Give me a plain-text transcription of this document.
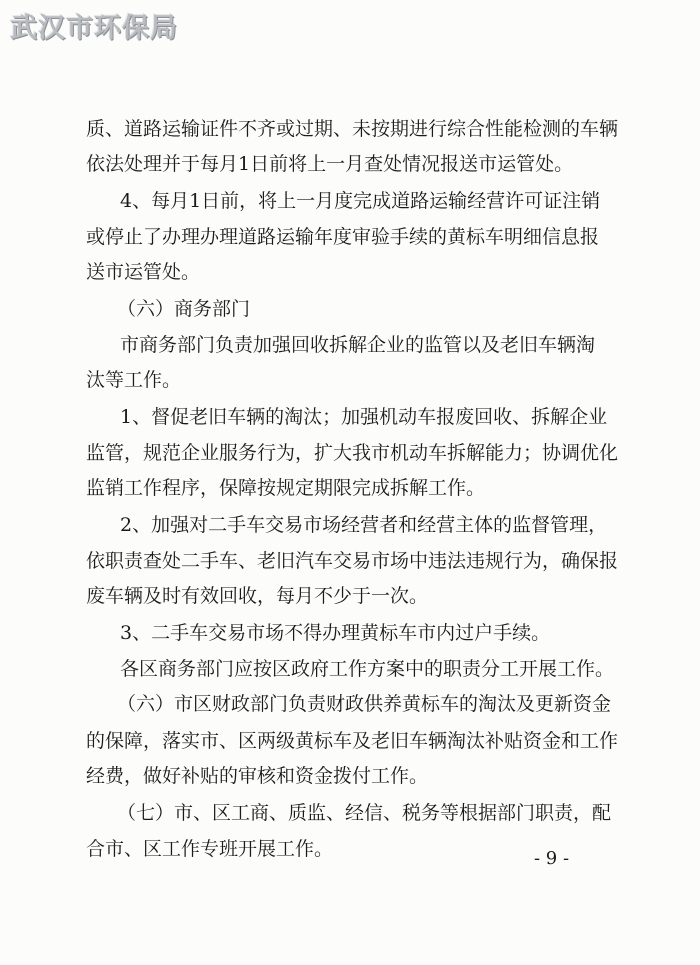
武汉市环保局
质、道路运输证件不齐或过期、未按期进行综合性能检测的车辆
依法处理并于每月1日前将上一月查处情况报送市运管处。
4、每月1日前，将上一月度完成道路运输经营许可证注销
或停止了办理办理道路运输年度审验手续的黄标车明细信息报
送市运管处。
（六）商务部门
市商务部门负责加强回收拆解企业的监管以及老旧车辆淘
汰等工作。
1、督促老旧车辆的淘汰；加强机动车报废回收、拆解企业
监管，规范企业服务行为，扩大我市机动车拆解能力；协调优化
监销工作程序，保障按规定期限完成拆解工作。
2、加强对二手车交易市场经营者和经营主体的监督管理，
依职责查处二手车、老旧汽车交易市场中违法违规行为，确保报
废车辆及时有效回收，每月不少于一次。
3、二手车交易市场不得办理黄标车市内过户手续。
各区商务部门应按区政府工作方案中的职责分工开展工作。
（六）市区财政部门负责财政供养黄标车的淘汰及更新资金
的保障，落实市、区两级黄标车及老旧车辆淘汰补贴资金和工作
经费，做好补贴的审核和资金拨付工作。
（七）市、区工商、质监、经信、税务等根据部门职责，配
合市、区工作专班开展工作。	- 9 -
